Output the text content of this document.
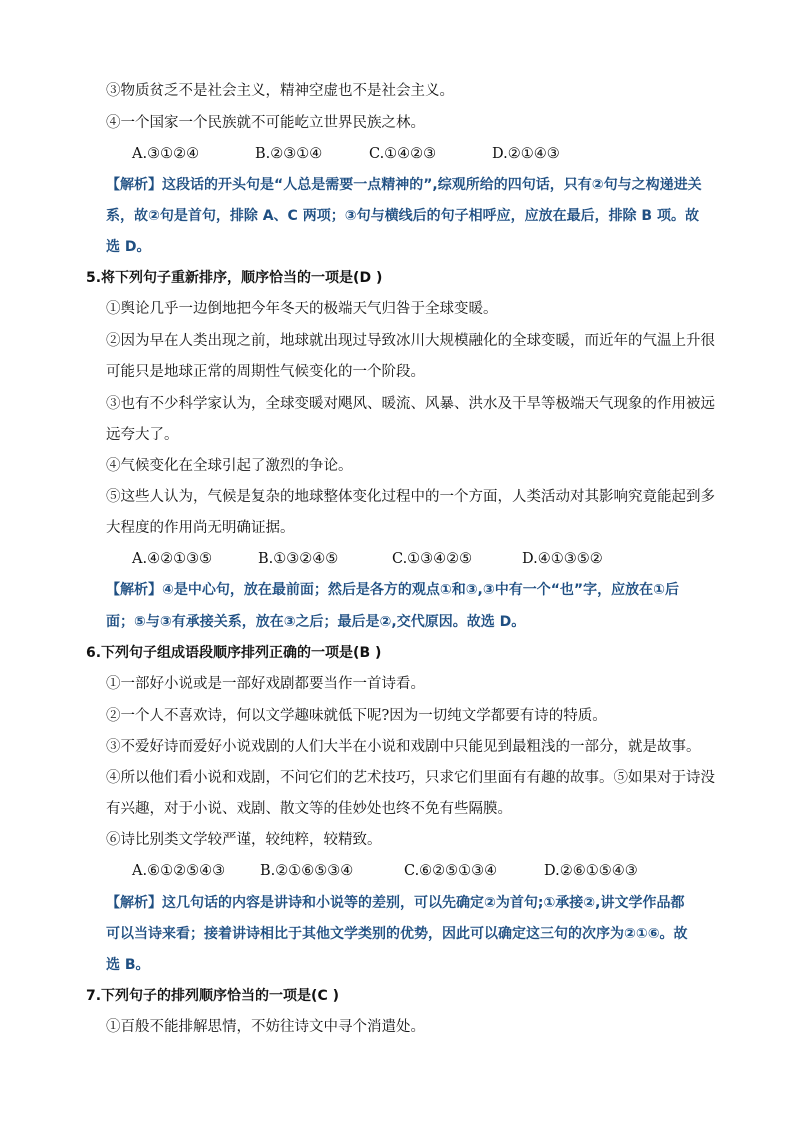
③物质贫乏不是社会主义，精神空虚也不是社会主义。
④一个国家一个民族就不可能屹立世界民族之林。
A.③①②④	B.②③①④	C.①④②③	D.②①④③
【解析】这段话的开头句是“人总是需要一点精神的”,综观所给的四句话，只有②句与之构递进关
系，故②句是首句，排除 A、C 两项；③句与横线后的句子相呼应，应放在最后，排除 B 项。故
选 D。
5.将下列句子重新排序，顺序恰当的一项是(D )
①舆论几乎一边倒地把今年冬天的极端天气归咎于全球变暖。
②因为早在人类出现之前，地球就出现过导致冰川大规模融化的全球变暖，而近年的气温上升很
可能只是地球正常的周期性气候变化的一个阶段。
③也有不少科学家认为，全球变暖对飓风、暖流、风暴、洪水及干旱等极端天气现象的作用被远
远夸大了。
④气候变化在全球引起了激烈的争论。
⑤这些人认为，气候是复杂的地球整体变化过程中的一个方面，人类活动对其影响究竟能起到多
大程度的作用尚无明确证据。
A.④②①③⑤	B.①③②④⑤	C.①③④②⑤	D.④①③⑤②
【解析】④是中心句，放在最前面；然后是各方的观点①和③,③中有一个“也”字，应放在①后
面；⑤与③有承接关系，放在③之后；最后是②,交代原因。故选 D。
6.下列句子组成语段顺序排列正确的一项是(B )
①一部好小说或是一部好戏剧都要当作一首诗看。
②一个人不喜欢诗，何以文学趣味就低下呢?因为一切纯文学都要有诗的特质。
③不爱好诗而爱好小说戏剧的人们大半在小说和戏剧中只能见到最粗浅的一部分，就是故事。
④所以他们看小说和戏剧，不问它们的艺术技巧，只求它们里面有有趣的故事。⑤如果对于诗没
有兴趣，对于小说、戏剧、散文等的佳妙处也终不免有些隔膜。
⑥诗比别类文学较严谨，较纯粹，较精致。
A.⑥①②⑤④③ B.②①⑥⑤③④	C.⑥②⑤①③④	D.②⑥①⑤④③
【解析】这几句话的内容是讲诗和小说等的差别，可以先确定②为首句;①承接②,讲文学作品都
可以当诗来看；接着讲诗相比于其他文学类别的优势，因此可以确定这三句的次序为②①⑥。故
选 B。
7.下列句子的排列顺序恰当的一项是(C )
①百般不能排解思情，不妨往诗文中寻个消遣处。
